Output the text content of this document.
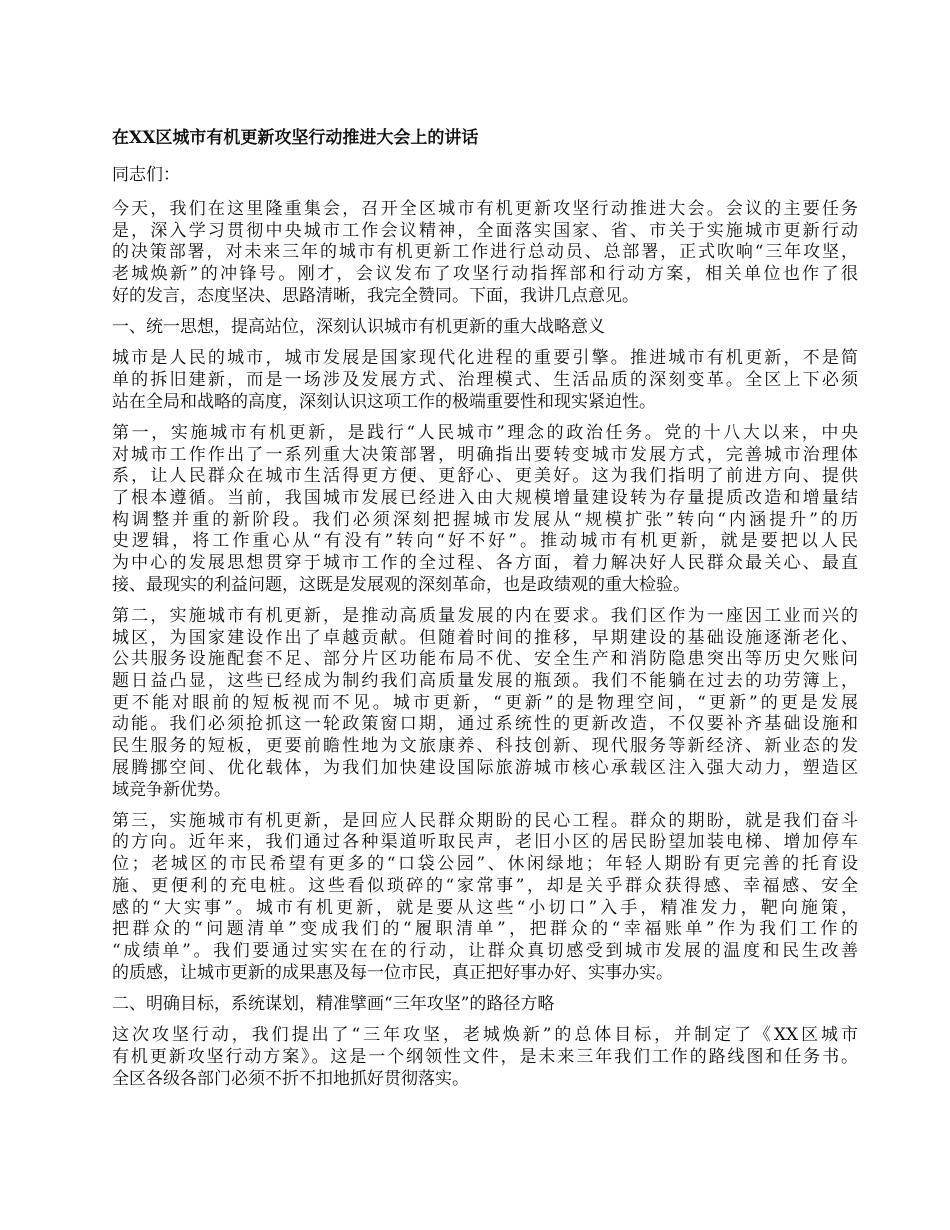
在XX区城市有机更新攻坚行动推进大会上的讲话
同志们：
今天，我们在这里隆重集会，召开全区城市有机更新攻坚行动推进大会。会议的主要任务
是，深入学习贯彻中央城市工作会议精神，全面落实国家、省、市关于实施城市更新行动
的决策部署，对未来三年的城市有机更新工作进行总动员、总部署，正式吹响“三年攻坚，
老城焕新”的冲锋号。刚才，会议发布了攻坚行动指挥部和行动方案，相关单位也作了很
好的发言，态度坚决、思路清晰，我完全赞同。下面，我讲几点意见。
一、统一思想，提高站位，深刻认识城市有机更新的重大战略意义
城市是人民的城市，城市发展是国家现代化进程的重要引擎。推进城市有机更新，不是简
单的拆旧建新，而是一场涉及发展方式、治理模式、生活品质的深刻变革。全区上下必须
站在全局和战略的高度，深刻认识这项工作的极端重要性和现实紧迫性。
第一，实施城市有机更新，是践行“人民城市”理念的政治任务。党的十八大以来，中央
对城市工作作出了一系列重大决策部署，明确指出要转变城市发展方式，完善城市治理体
系，让人民群众在城市生活得更方便、更舒心、更美好。这为我们指明了前进方向、提供
了根本遵循。当前，我国城市发展已经进入由大规模增量建设转为存量提质改造和增量结
构调整并重的新阶段。我们必须深刻把握城市发展从“规模扩张”转向“内涵提升”的历
史逻辑，将工作重心从“有没有”转向“好不好”。推动城市有机更新，就是要把以人民
为中心的发展思想贯穿于城市工作的全过程、各方面，着力解决好人民群众最关心、最直
接、最现实的利益问题，这既是发展观的深刻革命，也是政绩观的重大检验。
第二，实施城市有机更新，是推动高质量发展的内在要求。我们区作为一座因工业而兴的
城区，为国家建设作出了卓越贡献。但随着时间的推移，早期建设的基础设施逐渐老化、
公共服务设施配套不足、部分片区功能布局不优、安全生产和消防隐患突出等历史欠账问
题日益凸显，这些已经成为制约我们高质量发展的瓶颈。我们不能躺在过去的功劳簿上，
更不能对眼前的短板视而不见。城市更新，“更新”的是物理空间，“更新”的更是发展
动能。我们必须抢抓这一轮政策窗口期，通过系统性的更新改造，不仅要补齐基础设施和
民生服务的短板，更要前瞻性地为文旅康养、科技创新、现代服务等新经济、新业态的发
展腾挪空间、优化载体，为我们加快建设国际旅游城市核心承载区注入强大动力，塑造区
域竞争新优势。
第三，实施城市有机更新，是回应人民群众期盼的民心工程。群众的期盼，就是我们奋斗
的方向。近年来，我们通过各种渠道听取民声，老旧小区的居民盼望加装电梯、增加停车
位；老城区的市民希望有更多的“口袋公园”、休闲绿地；年轻人期盼有更完善的托育设
施、更便利的充电桩。这些看似琐碎的“家常事”，却是关乎群众获得感、幸福感、安全
感的“大实事”。城市有机更新，就是要从这些“小切口”入手，精准发力，靶向施策，
把群众的“问题清单”变成我们的“履职清单”，把群众的“幸福账单”作为我们工作的
“成绩单”。我们要通过实实在在的行动，让群众真切感受到城市发展的温度和民生改善
的质感，让城市更新的成果惠及每一位市民，真正把好事办好、实事办实。
二、明确目标，系统谋划，精准擘画“三年攻坚”的路径方略
这次攻坚行动，我们提出了“三年攻坚，老城焕新”的总体目标，并制定了《XX区城市
有机更新攻坚行动方案》。这是一个纲领性文件，是未来三年我们工作的路线图和任务书。
全区各级各部门必须不折不扣地抓好贯彻落实。
